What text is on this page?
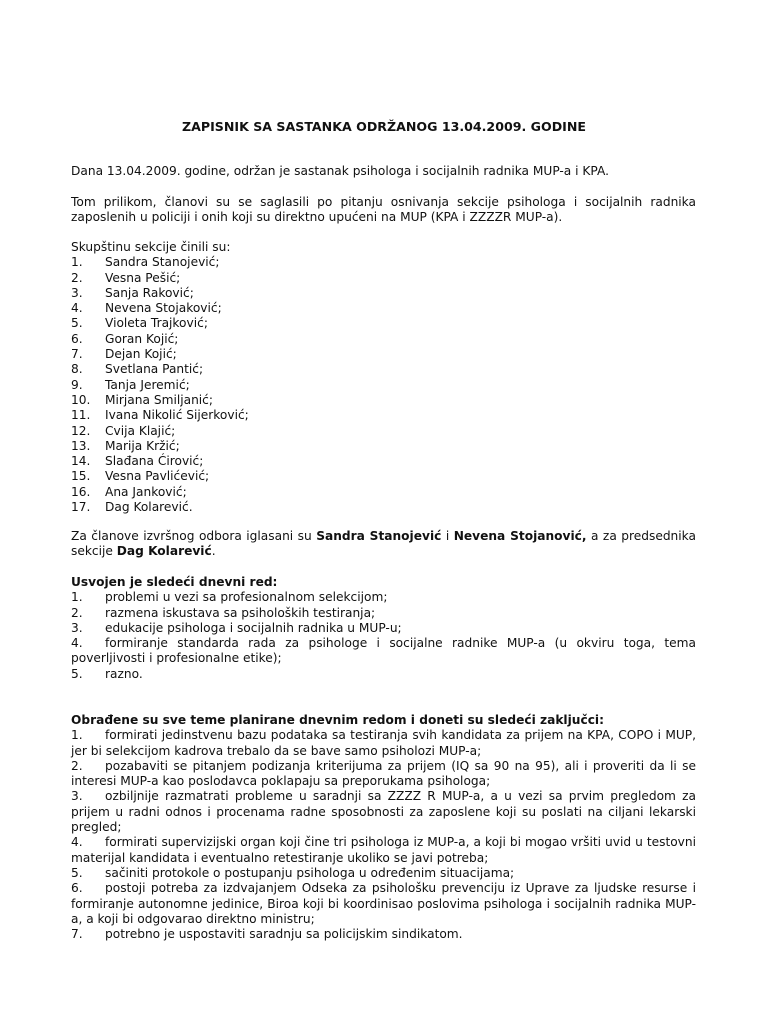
ZAPISNIK SA SASTANKA ODRŽANOG 13.04.2009. GODINE

Dana 13.04.2009. godine, održan je sastanak psihologa i socijalnih radnika MUP-a i KPA.

Tom prilikom, članovi su se saglasili po pitanju osnivanja sekcije psihologa i socijalnih radnika zaposlenih u policiji i onih koji su direktno upućeni na MUP (KPA i ZZZZR MUP-a).

Skupštinu sekcije činili su:
1.	Sandra Stanojević;
2.	Vesna Pešić;
3.	Sanja Raković;
4.	Nevena Stojaković;
5.	Violeta Trajković;
6.	Goran Kojić;
7.	Dejan Kojić;
8.	Svetlana Pantić;
9.	Tanja Jeremić;
10.	Mirjana Smiljanić;
11.	Ivana Nikolić Sijerković;
12.	Cvija Klajić;
13.	Marija Kržić;
14.	Slađana Ćirović;
15.	Vesna Pavlićević;
16.	Ana Janković;
17.	Dag Kolarević.

Za članove izvršnog odbora iglasani su Sandra Stanojević i Nevena Stojanović, a za predsednika sekcije Dag Kolarević.

Usvojen je sledeći dnevni red:
1. problemi u vezi sa profesionalnom selekcijom;
2. razmena iskustava sa psiholoških testiranja;
3. edukacije psihologa i socijalnih radnika u MUP-u;
4. formiranje standarda rada za psihologe i socijalne radnike MUP-a (u okviru toga, tema poverljivosti i profesionalne etike);
5. razno.
Obrađene su sve teme planirane dnevnim redom i doneti su sledeći zaključci:
1. formirati jedinstvenu bazu podataka sa testiranja svih kandidata za prijem na KPA, COPO i MUP, jer bi selekcijom kadrova trebalo da se bave samo psiholozi MUP-a;
2. pozabaviti se pitanjem podizanja kriterijuma za prijem (IQ sa 90 na 95), ali i proveriti da li se interesi MUP-a kao poslodavca poklapaju sa preporukama psihologa;
3. ozbiljnije razmatrati probleme u saradnji sa ZZZZ R MUP-a, a u vezi sa prvim pregledom za prijem u radni odnos i procenama radne sposobnosti za zaposlene koji su poslati na ciljani lekarski pregled;
4. formirati supervizijski organ koji čine tri psihologa iz MUP-a, a koji bi mogao vršiti uvid u testovni materijal kandidata i eventualno retestiranje ukoliko se javi potreba;
5. sačiniti protokole o postupanju psihologa u određenim situacijama;
6. postoji potreba za izdvajanjem Odseka za psihološku prevenciju iz Uprave za ljudske resurse i formiranje autonomne jedinice, Biroa koji bi koordinisao poslovima psihologa i socijalnih radnika MUP-a, a koji bi odgovarao direktno ministru;
7. potrebno je uspostaviti saradnju sa policijskim sindikatom.
